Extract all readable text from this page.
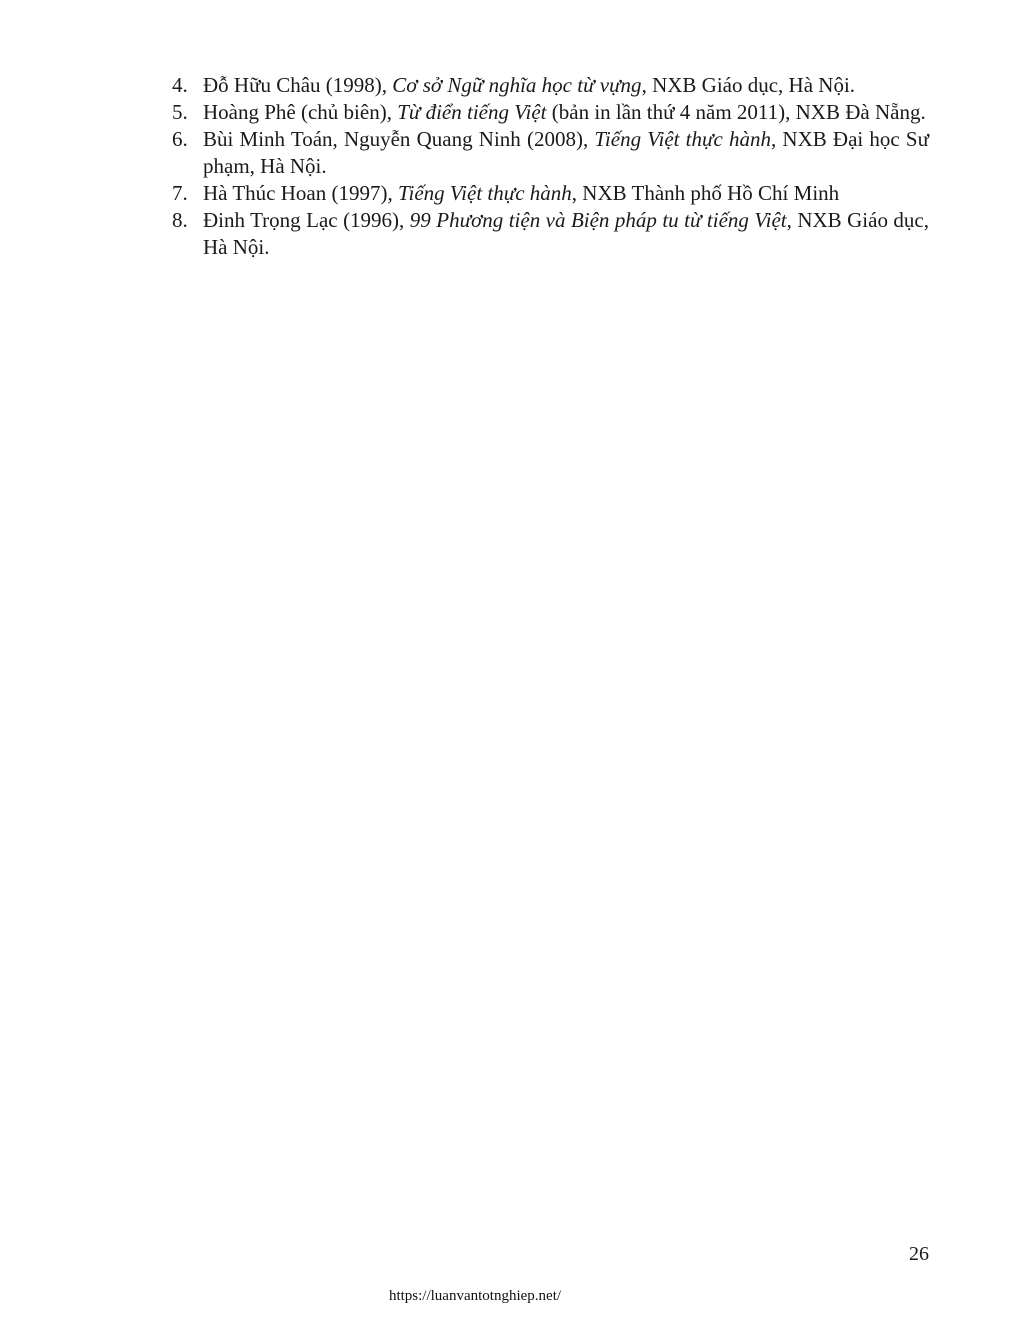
4. Đỗ Hữu Châu (1998), Cơ sở Ngữ nghĩa học từ vựng, NXB Giáo dục, Hà Nội.
5. Hoàng Phê (chủ biên), Từ điển tiếng Việt (bản in lần thứ 4 năm 2011), NXB Đà Nẵng.
6. Bùi Minh Toán, Nguyễn Quang Ninh (2008), Tiếng Việt thực hành, NXB Đại học Sư phạm, Hà Nội.
7. Hà Thúc Hoan (1997), Tiếng Việt thực hành, NXB Thành phố Hồ Chí Minh
8. Đinh Trọng Lạc (1996), 99 Phương tiện và Biện pháp tu từ tiếng Việt, NXB Giáo dục, Hà Nội.
26
https://luanvantotnghiep.net/
